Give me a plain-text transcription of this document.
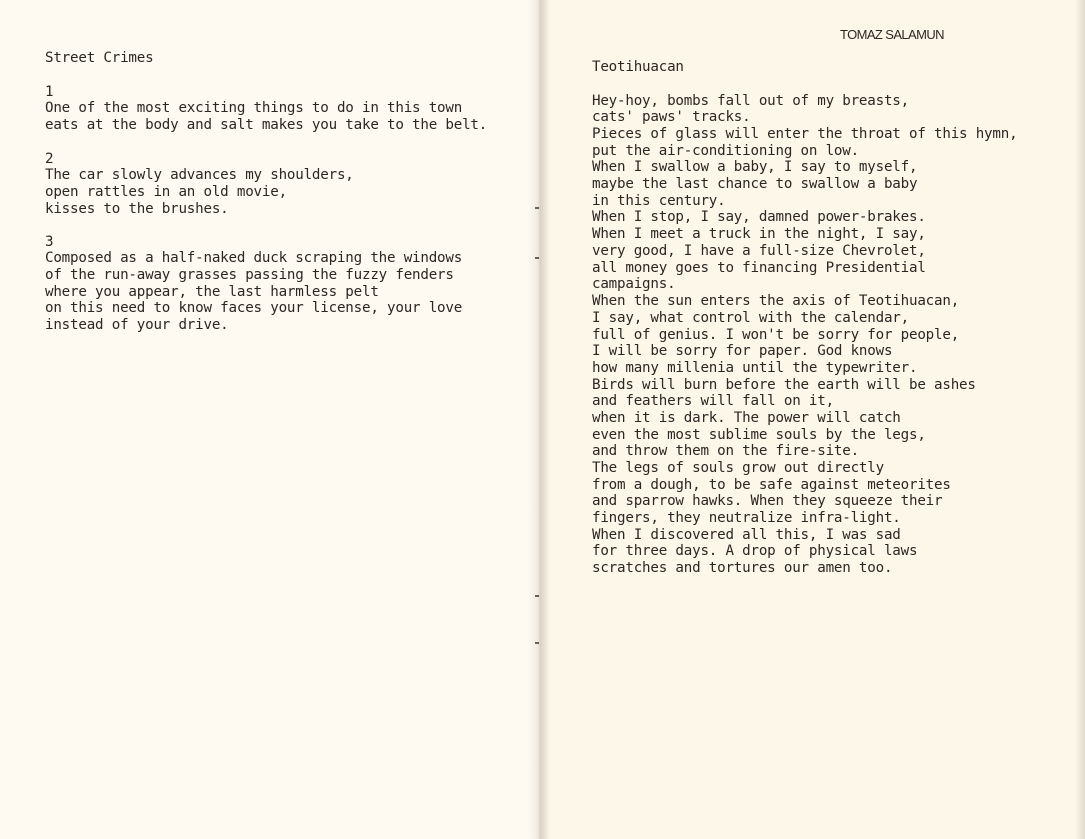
TOMAZ SALAMUN
Street Crimes
1
One of the most exciting things to do in this town
eats at the body and salt makes you take to the belt.
2
The car slowly advances my shoulders,
open rattles in an old movie,
kisses to the brushes.
3
Composed as a half-naked duck scraping the windows
of the run-away grasses passing the fuzzy fenders
where you appear, the last harmless pelt
on this need to know faces your license, your love
instead of your drive.
Teotihuacan
Hey-hoy, bombs fall out of my breasts,
cats' paws' tracks.
Pieces of glass will enter the throat of this hymn,
put the air-conditioning on low.
When I swallow a baby, I say to myself,
maybe the last chance to swallow a baby
in this century.
When I stop, I say, damned power-brakes.
When I meet a truck in the night, I say,
very good, I have a full-size Chevrolet,
all money goes to financing Presidential
campaigns.
When the sun enters the axis of Teotihuacan,
I say, what control with the calendar,
full of genius. I won't be sorry for people,
I will be sorry for paper. God knows
how many millenia until the typewriter.
Birds will burn before the earth will be ashes
and feathers will fall on it,
when it is dark. The power will catch
even the most sublime souls by the legs,
and throw them on the fire-site.
The legs of souls grow out directly
from a dough, to be safe against meteorites
and sparrow hawks. When they squeeze their
fingers, they neutralize infra-light.
When I discovered all this, I was sad
for three days. A drop of physical laws
scratches and tortures our amen too.
